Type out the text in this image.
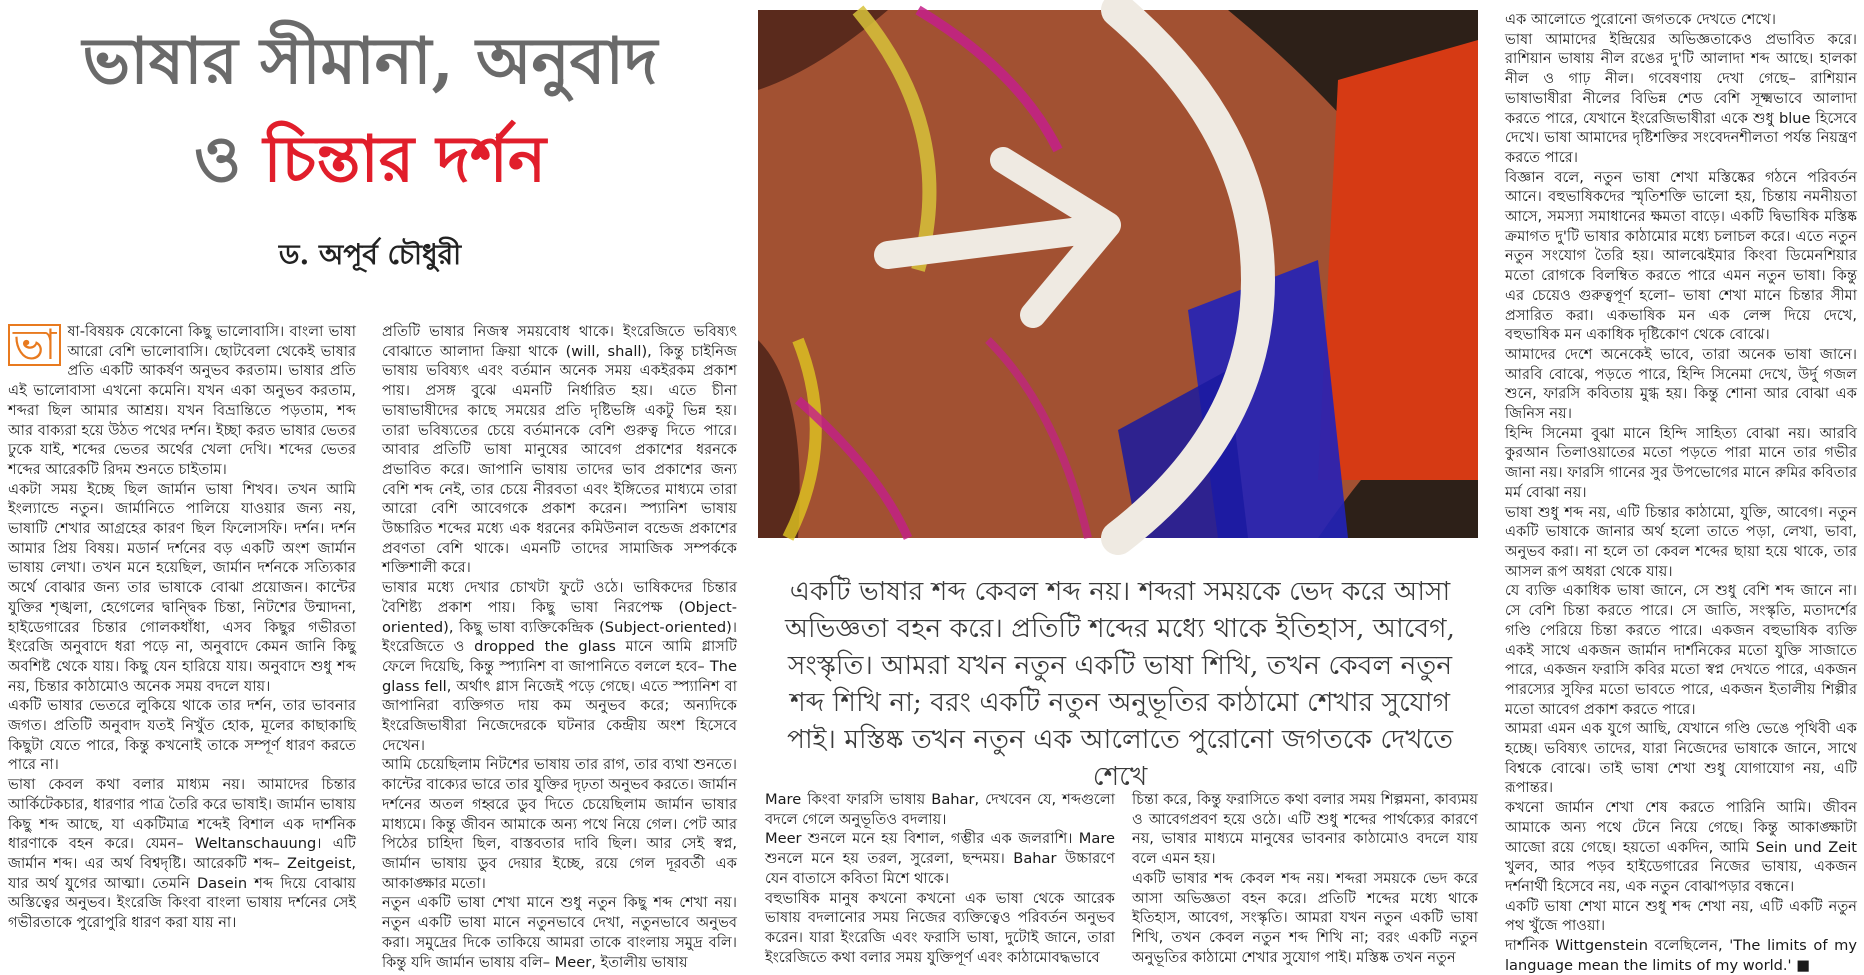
ভাষার সীমানা, অনুবাদ
ও চিন্তার দর্শন
ড. অপূর্ব চৌধুরী

ভা ষা-বিষয়ক যেকোনো কিছু ভালোবাসি। বাংলা ভাষা আরো বেশি ভালোবাসি। ছোটবেলা থেকেই ভাষার প্রতি একটি আকর্ষণ অনুভব করতাম। ভাষার প্রতি এই ভালোবাসা এখনো কমেনি। যখন একা অনুভব করতাম, শব্দরা ছিল আমার আশ্রয়। যখন বিভ্রান্তিতে পড়তাম, শব্দ আর বাক্যরা হয়ে উঠত পথের দর্শন। ইচ্ছা করত ভাষার ভেতর ঢুকে যাই, শব্দের ভেতর অর্থের খেলা দেখি। শব্দের ভেতর শব্দের আরেকটি রিদম শুনতে চাইতাম।

একটা সময় ইচ্ছে ছিল জার্মান ভাষা শিখব। তখন আমি ইংল্যান্ডে নতুন। জার্মানিতে পালিয়ে যাওয়ার জন্য নয়, ভাষাটি শেখার আগ্রহের কারণ ছিল ফিলোসফি। দর্শন। দর্শন আমার প্রিয় বিষয়। মডার্ন দর্শনের বড় একটি অংশ জার্মান ভাষায় লেখা। তখন মনে হয়েছিল, জার্মান দর্শনকে সত্যিকার অর্থে বোঝার জন্য তার ভাষাকে বোঝা প্রয়োজন। কান্টের যুক্তির শৃঙ্খলা, হেগেলের দ্বান্দ্বিক চিন্তা, নিটশের উন্মাদনা, হাইডেগারের চিন্তার গোলকধাঁধা, এসব কিছুর গভীরতা ইংরেজি অনুবাদে ধরা পড়ে না, অনুবাদে কেমন জানি কিছু অবশিষ্ট থেকে যায়। কিছু যেন হারিয়ে যায়। অনুবাদে শুধু শব্দ নয়, চিন্তার কাঠামোও অনেক সময় বদলে যায়।

একটি ভাষার ভেতরে লুকিয়ে থাকে তার দর্শন, তার ভাবনার জগত। প্রতিটি অনুবাদ যতই নিখুঁত হোক, মূলের কাছাকাছি কিছুটা যেতে পারে, কিন্তু কখনোই তাকে সম্পূর্ণ ধারণ করতে পারে না।

ভাষা কেবল কথা বলার মাধ্যম নয়। আমাদের চিন্তার আর্কিটেকচার, ধারণার পাত্র তৈরি করে ভাষাই। জার্মান ভাষায় কিছু শব্দ আছে, যা একটিমাত্র শব্দেই বিশাল এক দার্শনিক ধারণাকে বহন করে। যেমন– Weltanschauung। এটি জার্মান শব্দ। এর অর্থ বিশ্বদৃষ্টি। আরেকটি শব্দ– Zeitgeist, যার অর্থ যুগের আত্মা। তেমনি Dasein শব্দ দিয়ে বোঝায় অস্তিত্বের অনুভব। ইংরেজি কিংবা বাংলা ভাষায় দর্শনের সেই গভীরতাকে পুরোপুরি ধারণ করা যায় না।

প্রতিটি ভাষার নিজস্ব সময়বোধ থাকে। ইংরেজিতে ভবিষ্যৎ বোঝাতে আলাদা ক্রিয়া থাকে (will, shall), কিন্তু চাইনিজ ভাষায় ভবিষ্যৎ এবং বর্তমান অনেক সময় একইরকম প্রকাশ পায়। প্রসঙ্গ বুঝে এমনটি নির্ধারিত হয়। এতে চীনা ভাষাভাষীদের কাছে সময়ের প্রতি দৃষ্টিভঙ্গি একটু ভিন্ন হয়। তারা ভবিষ্যতের চেয়ে বর্তমানকে বেশি গুরুত্ব দিতে পারে। আবার প্রতিটি ভাষা মানুষের আবেগ প্রকাশের ধরনকে প্রভাবিত করে। জাপানি ভাষায় তাদের ভাব প্রকাশের জন্য বেশি শব্দ নেই, তার চেয়ে নীরবতা এবং ইঙ্গিতের মাধ্যমে তারা আরো বেশি আবেগকে প্রকাশ করেন। স্প্যানিশ ভাষায় উচ্চারিত শব্দের মধ্যে এক ধরনের কমিউনাল বন্ডেজ প্রকাশের প্রবণতা বেশি থাকে। এমনটি তাদের সামাজিক সম্পর্ককে শক্তিশালী করে।

ভাষার মধ্যে দেখার চোখটা ফুটে ওঠে। ভাষিকদের চিন্তার বৈশিষ্ট্য প্রকাশ পায়। কিছু ভাষা নিরপেক্ষ (Object-oriented), কিছু ভাষা ব্যক্তিকেন্দ্রিক (Subject-oriented)। ইংরেজিতে ও dropped the glass মানে আমি গ্লাসটি ফেলে দিয়েছি, কিন্তু স্প্যানিশ বা জাপানিতে বললে হবে– The glass fell, অর্থাৎ গ্লাস নিজেই পড়ে গেছে। এতে স্প্যানিশ বা জাপানিরা ব্যক্তিগত দায় কম অনুভব করে; অন্যদিকে ইংরেজিভাষীরা নিজেদেরকে ঘটনার কেন্দ্রীয় অংশ হিসেবে দেখেন।

আমি চেয়েছিলাম নিটশের ভাষায় তার রাগ, তার ব্যথা শুনতে। কান্টের বাক্যের ভারে তার যুক্তির দৃঢ়তা অনুভব করতে। জার্মান দর্শনের অতল গহ্বরে ডুব দিতে চেয়েছিলাম জার্মান ভাষার মাধ্যমে। কিন্তু জীবন আমাকে অন্য পথে নিয়ে গেল। পেট আর পিঠের চাহিদা ছিল, বাস্তবতার দাবি ছিল। আর সেই স্বপ্ন, জার্মান ভাষায় ডুব দেয়ার ইচ্ছে, রয়ে গেল দূরবর্তী এক আকাঙ্ক্ষার মতো।

নতুন একটি ভাষা শেখা মানে শুধু নতুন কিছু শব্দ শেখা নয়। নতুন একটি ভাষা মানে নতুনভাবে দেখা, নতুনভাবে অনুভব করা। সমুদ্রের দিকে তাকিয়ে আমরা তাকে বাংলায় সমুদ্র বলি। কিন্তু যদি জার্মান ভাষায় বলি– Meer, ইতালীয় ভাষায়

একটি ভাষার শব্দ কেবল শব্দ নয়। শব্দরা সময়কে ভেদ করে আসা অভিজ্ঞতা বহন করে। প্রতিটি শব্দের মধ্যে থাকে ইতিহাস, আবেগ, সংস্কৃতি। আমরা যখন নতুন একটি ভাষা শিখি, তখন কেবল নতুন শব্দ শিখি না; বরং একটি নতুন অনুভূতির কাঠামো শেখার সুযোগ পাই। মস্তিষ্ক তখন নতুন এক আলোতে পুরোনো জগতকে দেখতে শেখে

Mare কিংবা ফারসি ভাষায় Bahar, দেখবেন যে, শব্দগুলো বদলে গেলে অনুভূতিও বদলায়।

Meer শুনলে মনে হয় বিশাল, গম্ভীর এক জলরাশি। Mare শুনলে মনে হয় তরল, সুরেলা, ছন্দময়। Bahar উচ্চারণে যেন বাতাসে কবিতা মিশে থাকে।

বহুভাষিক মানুষ কখনো কখনো এক ভাষা থেকে আরেক ভাষায় বদলানোর সময় নিজের ব্যক্তিত্বেও পরিবর্তন অনুভব করেন। যারা ইংরেজি এবং ফরাসি ভাষা, দুটোই জানে, তারা ইংরেজিতে কথা বলার সময় যুক্তিপূর্ণ এবং কাঠামোবদ্ধভাবে

চিন্তা করে, কিন্তু ফরাসিতে কথা বলার সময় শিল্পমনা, কাব্যময় ও আবেগপ্রবণ হয়ে ওঠে। এটি শুধু শব্দের পার্থক্যের কারণে নয়, ভাষার মাধ্যমে মানুষের ভাবনার কাঠামোও বদলে যায় বলে এমন হয়।

একটি ভাষার শব্দ কেবল শব্দ নয়। শব্দরা সময়কে ভেদ করে আসা অভিজ্ঞতা বহন করে। প্রতিটি শব্দের মধ্যে থাকে ইতিহাস, আবেগ, সংস্কৃতি। আমরা যখন নতুন একটি ভাষা শিখি, তখন কেবল নতুন শব্দ শিখি না; বরং একটি নতুন অনুভূতির কাঠামো শেখার সুযোগ পাই। মস্তিষ্ক তখন নতুন

এক আলোতে পুরোনো জগতকে দেখতে শেখে।

ভাষা আমাদের ইন্দ্রিয়ের অভিজ্ঞতাকেও প্রভাবিত করে। রাশিয়ান ভাষায় নীল রঙের দু'টি আলাদা শব্দ আছে। হালকা নীল ও গাঢ় নীল। গবেষণায় দেখা গেছে– রাশিয়ান ভাষাভাষীরা নীলের বিভিন্ন শেড বেশি সূক্ষ্মভাবে আলাদা করতে পারে, যেখানে ইংরেজিভাষীরা একে শুধু blue হিসেবে দেখে। ভাষা আমাদের দৃষ্টিশক্তির সংবেদনশীলতা পর্যন্ত নিয়ন্ত্রণ করতে পারে।

বিজ্ঞান বলে, নতুন ভাষা শেখা মস্তিষ্কের গঠনে পরিবর্তন আনে। বহুভাষিকদের স্মৃতিশক্তি ভালো হয়, চিন্তায় নমনীয়তা আসে, সমস্যা সমাধানের ক্ষমতা বাড়ে। একটি দ্বিভাষিক মস্তিষ্ক ক্রমাগত দু'টি ভাষার কাঠামোর মধ্যে চলাচল করে। এতে নতুন নতুন সংযোগ তৈরি হয়। আলঝেইমার কিংবা ডিমেনশিয়ার মতো রোগকে বিলম্বিত করতে পারে এমন নতুন ভাষা। কিন্তু এর চেয়েও গুরুত্বপূর্ণ হলো– ভাষা শেখা মানে চিন্তার সীমা প্রসারিত করা। একভাষিক মন এক লেন্স দিয়ে দেখে, বহুভাষিক মন একাধিক দৃষ্টিকোণ থেকে বোঝে।

আমাদের দেশে অনেকেই ভাবে, তারা অনেক ভাষা জানে। আরবি বোঝে, পড়তে পারে, হিন্দি সিনেমা দেখে, উর্দু গজল শুনে, ফারসি কবিতায় মুগ্ধ হয়। কিন্তু শোনা আর বোঝা এক জিনিস নয়।

হিন্দি সিনেমা বুঝা মানে হিন্দি সাহিত্য বোঝা নয়। আরবি কুরআন তিলাওয়াতের মতো পড়তে পারা মানে তার গভীর জানা নয়। ফারসি গানের সুর উপভোগের মানে রুমির কবিতার মর্ম বোঝা নয়।

ভাষা শুধু শব্দ নয়, এটি চিন্তার কাঠামো, যুক্তি, আবেগ। নতুন একটি ভাষাকে জানার অর্থ হলো তাতে পড়া, লেখা, ভাবা, অনুভব করা। না হলে তা কেবল শব্দের ছায়া হয়ে থাকে, তার আসল রূপ অধরা থেকে যায়।

যে ব্যক্তি একাধিক ভাষা জানে, সে শুধু বেশি শব্দ জানে না। সে বেশি চিন্তা করতে পারে। সে জাতি, সংস্কৃতি, মতাদর্শের গণ্ডি পেরিয়ে চিন্তা করতে পারে। একজন বহুভাষিক ব্যক্তি একই সাথে একজন জার্মান দার্শনিকের মতো যুক্তি সাজাতে পারে, একজন ফরাসি কবির মতো স্বপ্ন দেখতে পারে, একজন পারস্যের সুফির মতো ভাবতে পারে, একজন ইতালীয় শিল্পীর মতো আবেগ প্রকাশ করতে পারে।

আমরা এমন এক যুগে আছি, যেখানে গণ্ডি ভেঙে পৃথিবী এক হচ্ছে। ভবিষ্যৎ তাদের, যারা নিজেদের ভাষাকে জানে, সাথে বিশ্বকে বোঝে। তাই ভাষা শেখা শুধু যোগাযোগ নয়, এটি রূপান্তর।

কখনো জার্মান শেখা শেষ করতে পারিনি আমি। জীবন আমাকে অন্য পথে টেনে নিয়ে গেছে। কিন্তু আকাঙ্ক্ষাটা আজো রয়ে গেছে। হয়তো একদিন, আমি Sein und Zeit খুলব, আর পড়ব হাইডেগারের নিজের ভাষায়, একজন দর্শনার্থী হিসেবে নয়, এক নতুন বোঝাপড়ার বন্ধনে।

একটি ভাষা শেখা মানে শুধু শব্দ শেখা নয়, এটি একটি নতুন পথ খুঁজে পাওয়া।

দার্শনিক Wittgenstein বলেছিলেন, 'The limits of my language mean the limits of my world.' ■
